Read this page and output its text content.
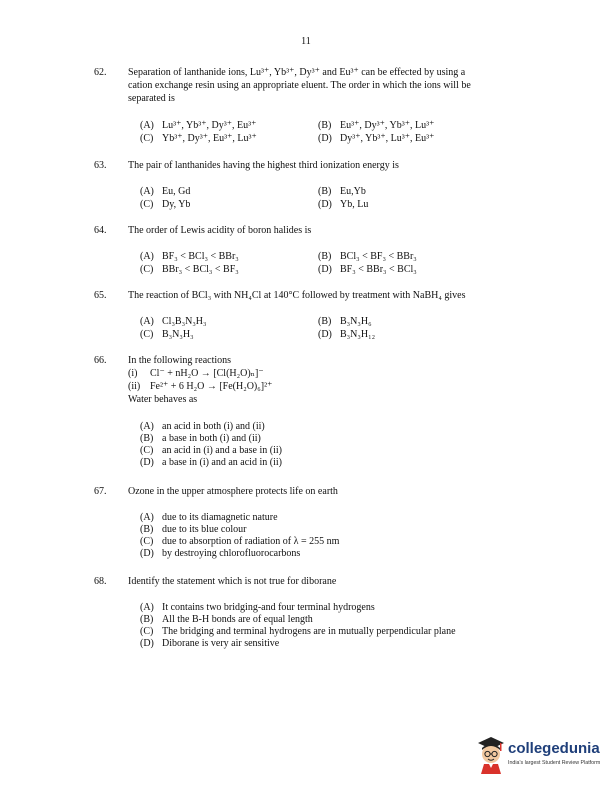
11
62.	Separation of lanthanide ions, Lu³⁺, Yb³⁺, Dy³⁺ and Eu³⁺ can be effected by using a
cation exchange resin using an appropriate eluent. The order in which the ions will be
separated is
(A) Lu³⁺, Yb³⁺, Dy³⁺, Eu³⁺	(B) Eu³⁺, Dy³⁺, Yb³⁺, Lu³⁺
(C) Yb³⁺, Dy³⁺, Eu³⁺, Lu³⁺	(D) Dy³⁺, Yb³⁺, Lu³⁺, Eu³⁺
63.	The pair of lanthanides having the highest third ionization energy is
(A) Eu, Gd	(B) Eu,Yb
(C) Dy, Yb	(D) Yb, Lu
64.	The order of Lewis acidity of boron halides is
(A) BF₃ < BCl₃ < BBr₃	(B) BCl₃ < BF₃ < BBr₃
(C) BBr₃ < BCl₃ < BF₃	(D) BF₃ < BBr₃ < BCl₃
65.	The reaction of BCl₃ with NH₄Cl at 140°C followed by treatment with NaBH₄ gives
(A) Cl₃B₃N₃H₃	(B) B₃N₃H₆
(C) B₃N₃H₃	(D) B₃N₃H₁₂
66.	In the following reactions
(i) Cl⁻ + nH₂O → [Cl(H₂O)ₙ]⁻
(ii) Fe²⁺ + 6 H₂O → [Fe(H₂O)₆]²⁺
Water behaves as
(A) an acid in both (i) and (ii)
(B) a base in both (i) and (ii)
(C) an acid in (i) and a base in (ii)
(D) a base in (i) and an acid in (ii)
67.	Ozone in the upper atmosphere protects life on earth
(A) due to its diamagnetic nature
(B) due to its blue colour
(C) due to absorption of radiation of λ = 255 nm
(D) by destroying chlorofluorocarbons
68.	Identify the statement which is not true for diborane
(A) It contains two bridging-and four terminal hydrogens
(B) All the B-H bonds are of equal length
(C) The bridging and terminal hydrogens are in mutually perpendicular plane
(D) Diborane is very air sensitive
collegedunia
India's largest Student Review Platform
